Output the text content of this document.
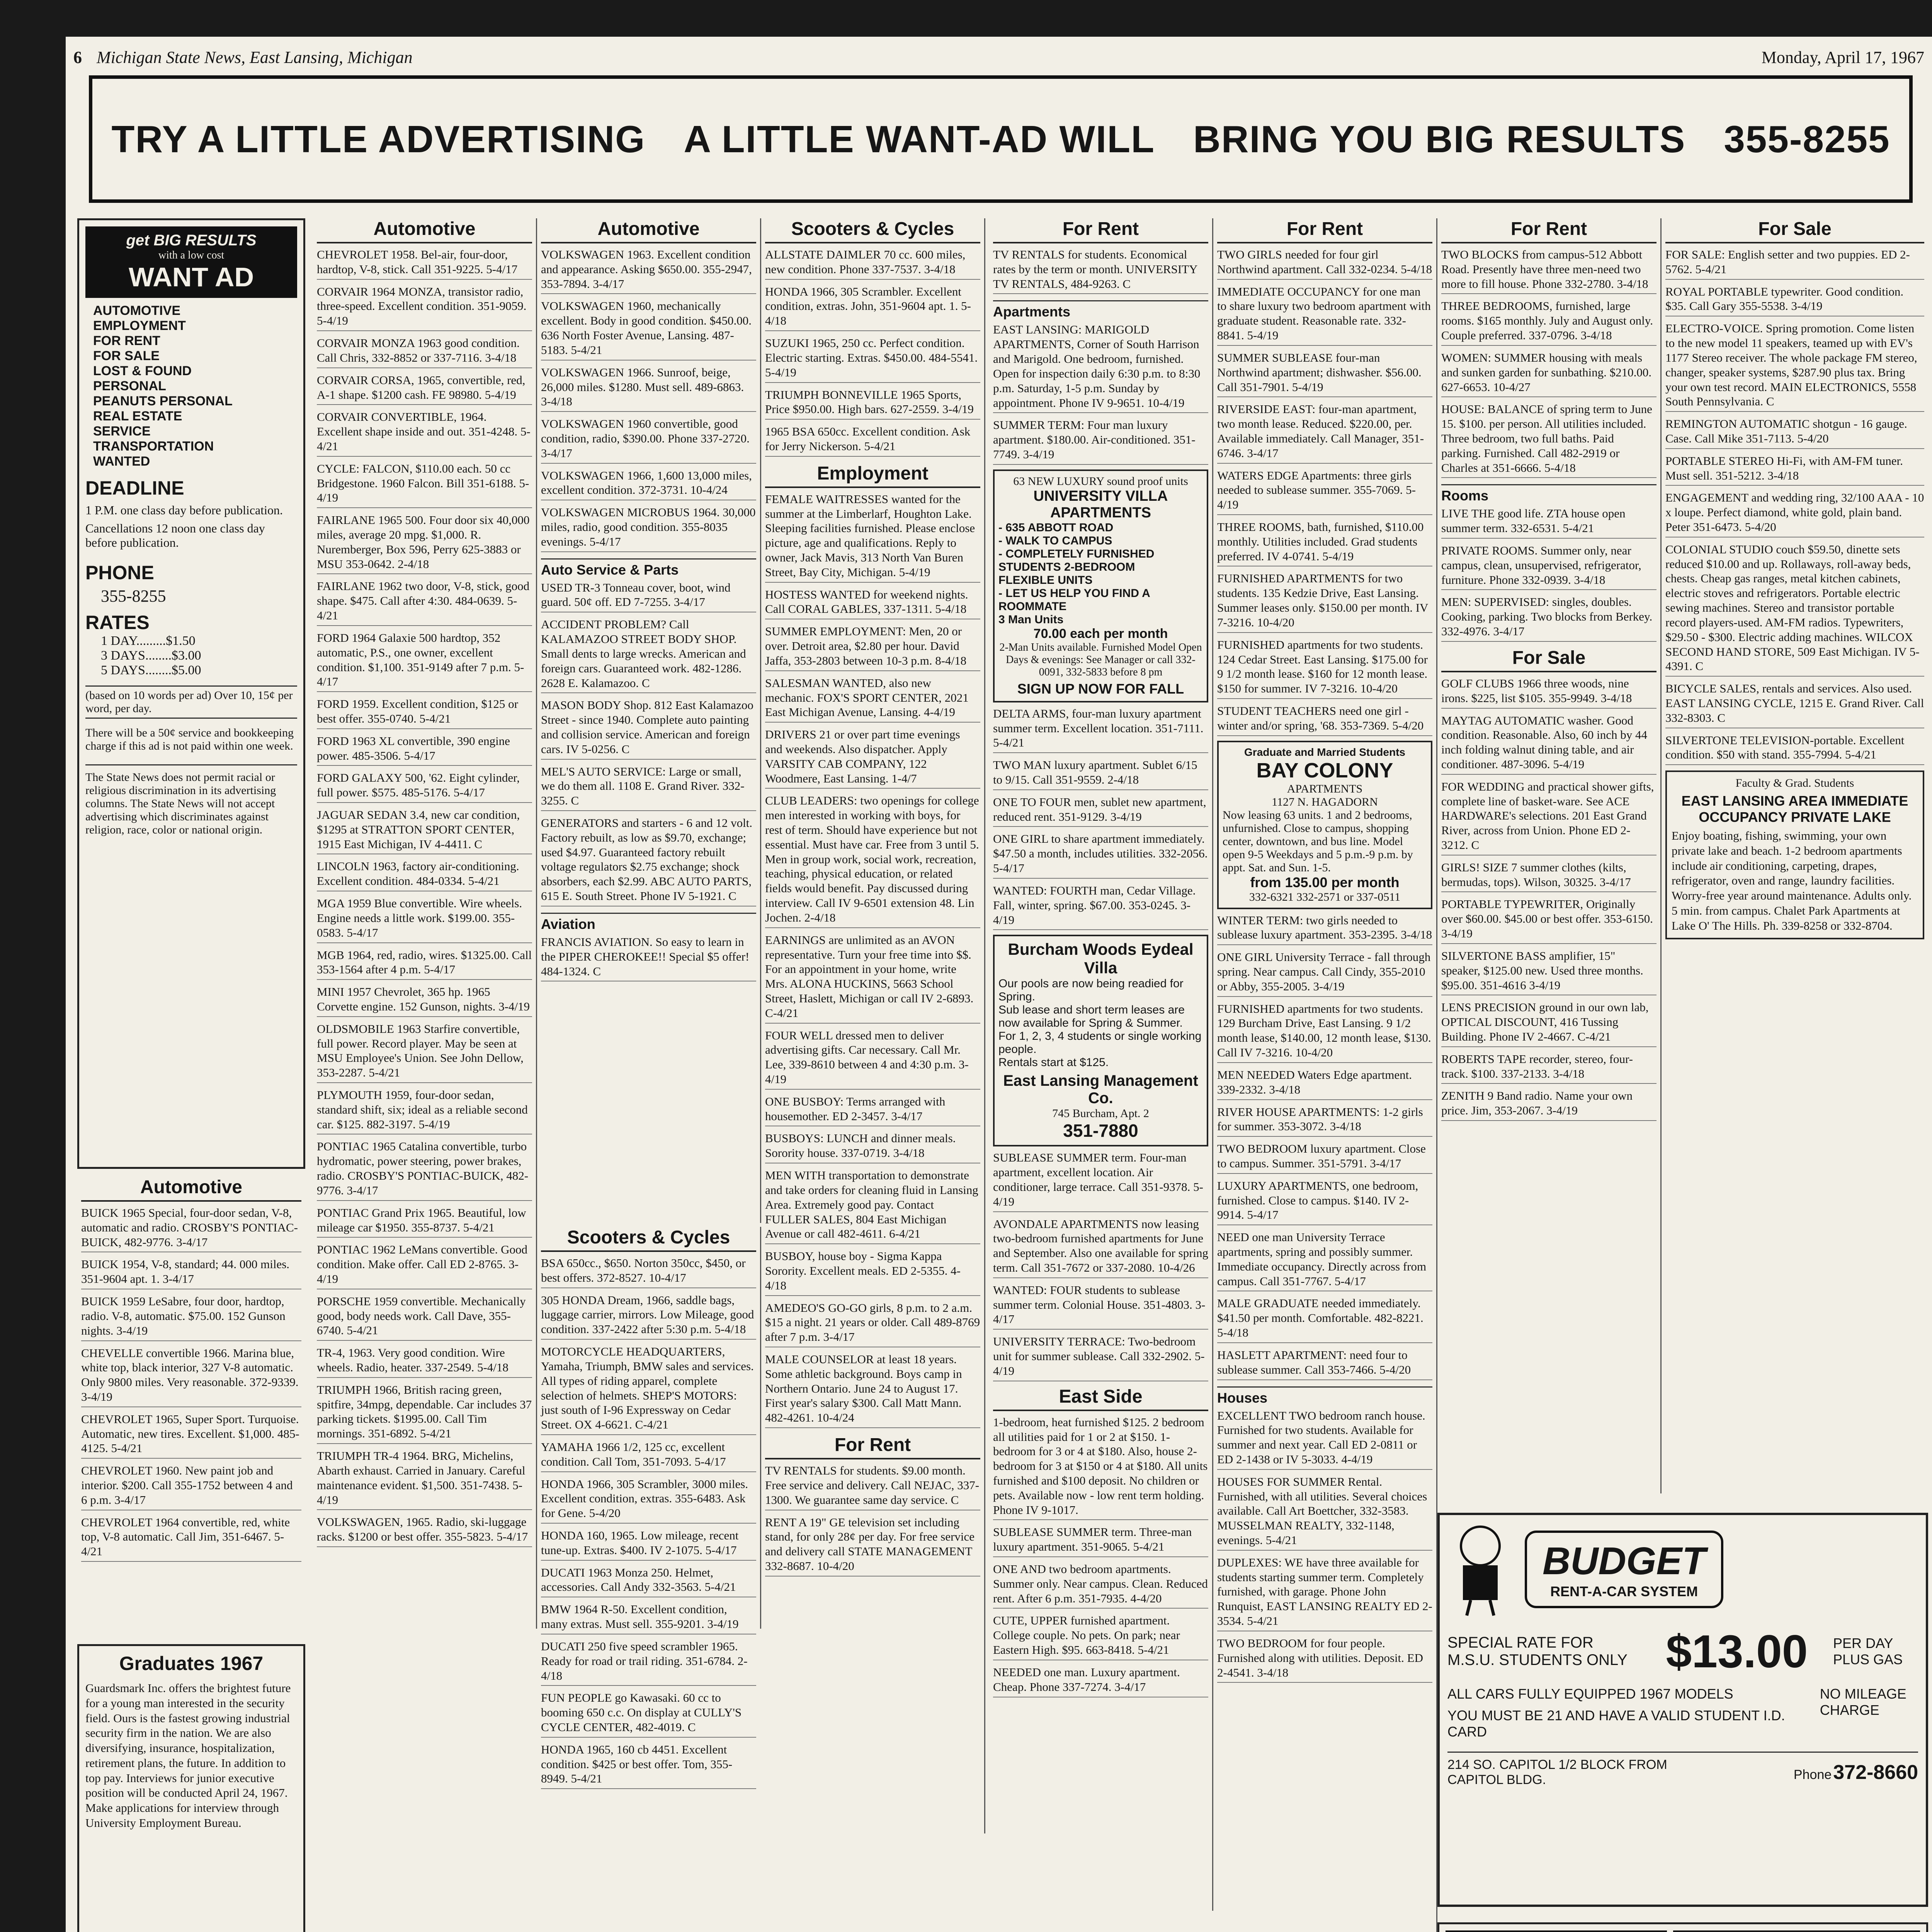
6 Michigan State News, East Lansing, Michigan	Monday, April 17, 1967
TRY A LITTLE ADVERTISING A LITTLE WANT-AD WILL BRING YOU BIG RESULTS 355-8255
get BIG RESULTS
with a low cost
WANT AD
AUTOMOTIVE
EMPLOYMENT
FOR RENT
FOR SALE
LOST & FOUND
PERSONAL
PEANUTS PERSONAL
REAL ESTATE
SERVICE
TRANSPORTATION
WANTED
DEADLINE
1 P.M. one class day before publication.
Cancellations 12 noon one class day before publication.
PHONE
355-8255
RATES
1 DAY.........$1.50
3 DAYS........$3.00
5 DAYS........$5.00
(based on 10 words per ad) Over 10, 15¢ per word, per day.
There will be a 50¢ service and bookkeeping charge if this ad is not paid within one week.
The State News does not permit racial or religious discrimination in its advertising columns. The State News will not accept advertising which discriminates against religion, race, color or national origin.
Automotive
BUICK 1965 Special, four-door sedan, V-8, automatic and radio. CROSBY'S PONTIAC-BUICK, 482-9776. 3-4/17
BUICK 1954, V-8, standard; 44. 000 miles. 351-9604 apt. 1. 3-4/17
BUICK 1959 LeSabre, four door, hardtop, radio. V-8, automatic. $75.00. 152 Gunson nights. 3-4/19
CHEVELLE convertible 1966. Marina blue, white top, black interior, 327 V-8 automatic. Only 9800 miles. Very reasonable. 372-9339. 3-4/19
CHEVROLET 1965, Super Sport. Turquoise. Automatic, new tires. Excellent. $1,000. 485-4125. 5-4/21
CHEVROLET 1960. New paint job and interior. $200. Call 355-1752 between 4 and 6 p.m. 3-4/17
CHEVROLET 1964 convertible, red, white top, V-8 automatic. Call Jim, 351-6467. 5-4/21
Graduates 1967
Guardsmark Inc. offers the brightest future for a young man interested in the security field. Ours is the fastest growing industrial security firm in the nation. We are also diversifying, insurance, hospitalization, retirement plans, the future. In addition to top pay. Interviews for junior executive position will be conducted April 24, 1967. Make applications for interview through University Employment Bureau.
Automotive
CHEVROLET 1958. Bel-air, four-door, hardtop, V-8, stick. Call 351-9225. 5-4/17
CORVAIR 1964 MONZA, transistor radio, three-speed. Excellent condition. 351-9059. 5-4/19
CORVAIR MONZA 1963 good condition. Call Chris, 332-8852 or 337-7116. 3-4/18
CORVAIR CORSA, 1965, convertible, red, A-1 shape. $1200 cash. FE 98980. 5-4/19
CORVAIR CONVERTIBLE, 1964. Excellent shape inside and out. 351-4248. 5-4/21
CYCLE: FALCON, $110.00 each. 50 cc Bridgestone. 1960 Falcon. Bill 351-6188. 5-4/19
FAIRLANE 1965 500. Four door six 40,000 miles, average 20 mpg. $1,000. R. Nuremberger, Box 596, Perry 625-3883 or MSU 353-0642. 2-4/18
FAIRLANE 1962 two door, V-8, stick, good shape. $475. Call after 4:30. 484-0639. 5-4/21
FORD 1964 Galaxie 500 hardtop, 352 automatic, P.S., one owner, excellent condition. $1,100. 351-9149 after 7 p.m. 5-4/17
FORD 1959. Excellent condition, $125 or best offer. 355-0740. 5-4/21
FORD 1963 XL convertible, 390 engine power. 485-3506. 5-4/17
FORD GALAXY 500, '62. Eight cylinder, full power. $575. 485-5176. 5-4/17
JAGUAR SEDAN 3.4, new car condition, $1295 at STRATTON SPORT CENTER, 1915 East Michigan, IV 4-4411. C
LINCOLN 1963, factory air-conditioning. Excellent condition. 484-0334. 5-4/21
MGA 1959 Blue convertible. Wire wheels. Engine needs a little work. $199.00. 355-0583. 5-4/17
MGB 1964, red, radio, wires. $1325.00. Call 353-1564 after 4 p.m. 5-4/17
MINI 1957 Chevrolet, 365 hp. 1965 Corvette engine. 152 Gunson, nights. 3-4/19
OLDSMOBILE 1963 Starfire convertible, full power. Record player. May be seen at MSU Employee's Union. See John Dellow, 353-2287. 5-4/21
PLYMOUTH 1959, four-door sedan, standard shift, six; ideal as a reliable second car. $125. 882-3197. 5-4/19
PONTIAC 1965 Catalina convertible, turbo hydromatic, power steering, power brakes, radio. CROSBY'S PONTIAC-BUICK, 482-9776. 3-4/17
PONTIAC Grand Prix 1965. Beautiful, low mileage car $1950. 355-8737. 5-4/21
PONTIAC 1962 LeMans convertible. Good condition. Make offer. Call ED 2-8765. 3-4/19
PORSCHE 1959 convertible. Mechanically good, body needs work. Call Dave, 355-6740. 5-4/21
TR-4, 1963. Very good condition. Wire wheels. Radio, heater. 337-2549. 5-4/18
TRIUMPH 1966, British racing green, spitfire, 34mpg, dependable. Car includes 37 parking tickets. $1995.00. Call Tim mornings. 351-6892. 5-4/21
TRIUMPH TR-4 1964. BRG, Michelins, Abarth exhaust. Carried in January. Careful maintenance evident. $1,500. 351-7438. 5-4/19
VOLKSWAGEN, 1965. Radio, ski-luggage racks. $1200 or best offer. 355-5823. 5-4/17
Automotive
VOLKSWAGEN 1963. Excellent condition and appearance. Asking $650.00. 355-2947, 353-7894. 3-4/17
VOLKSWAGEN 1960, mechanically excellent. Body in good condition. $450.00. 636 North Foster Avenue, Lansing. 487-5183. 5-4/21
VOLKSWAGEN 1966. Sunroof, beige, 26,000 miles. $1280. Must sell. 489-6863. 3-4/18
VOLKSWAGEN 1960 convertible, good condition, radio, $390.00. Phone 337-2720. 3-4/17
VOLKSWAGEN 1966, 1,600 13,000 miles, excellent condition. 372-3731. 10-4/24
VOLKSWAGEN MICROBUS 1964. 30,000 miles, radio, good condition. 355-8035 evenings. 5-4/17
Auto Service & Parts
USED TR-3 Tonneau cover, boot, wind guard. 50¢ off. ED 7-7255. 3-4/17
ACCIDENT PROBLEM? Call KALAMAZOO STREET BODY SHOP. Small dents to large wrecks. American and foreign cars. Guaranteed work. 482-1286. 2628 E. Kalamazoo. C
MASON BODY Shop. 812 East Kalamazoo Street - since 1940. Complete auto painting and collision service. American and foreign cars. IV 5-0256. C
MEL'S AUTO SERVICE: Large or small, we do them all. 1108 E. Grand River. 332-3255. C
GENERATORS and starters - 6 and 12 volt. Factory rebuilt, as low as $9.70, exchange; used $4.97. Guaranteed factory rebuilt voltage regulators $2.75 exchange; shock absorbers, each $2.99. ABC AUTO PARTS, 615 E. South Street. Phone IV 5-1921. C
Aviation
FRANCIS AVIATION. So easy to learn in the PIPER CHEROKEE!! Special $5 offer! 484-1324. C
Scooters & Cycles
BSA 650cc., $650. Norton 350cc, $450, or best offers. 372-8527. 10-4/17
305 HONDA Dream, 1966, saddle bags, luggage carrier, mirrors. Low Mileage, good condition. 337-2422 after 5:30 p.m. 5-4/18
MOTORCYCLE HEADQUARTERS, Yamaha, Triumph, BMW sales and services. All types of riding apparel, complete selection of helmets. SHEP'S MOTORS: just south of I-96 Expressway on Cedar Street. OX 4-6621. C-4/21
YAMAHA 1966 1/2, 125 cc, excellent condition. Call Tom, 351-7093. 5-4/17
HONDA 1966, 305 Scrambler, 3000 miles. Excellent condition, extras. 355-6483. Ask for Gene. 5-4/20
HONDA 160, 1965. Low mileage, recent tune-up. Extras. $400. IV 2-1075. 5-4/17
DUCATI 1963 Monza 250. Helmet, accessories. Call Andy 332-3563. 5-4/21
BMW 1964 R-50. Excellent condition, many extras. Must sell. 355-9201. 3-4/19
DUCATI 250 five speed scrambler 1965. Ready for road or trail riding. 351-6784. 2-4/18
FUN PEOPLE go Kawasaki. 60 cc to booming 650 c.c. On display at CULLY'S CYCLE CENTER, 482-4019. C
HONDA 1965, 160 cb 4451. Excellent condition. $425 or best offer. Tom, 355-8949. 5-4/21
Scooters & Cycles
ALLSTATE DAIMLER 70 cc. 600 miles, new condition. Phone 337-7537. 3-4/18
HONDA 1966, 305 Scrambler. Excellent condition, extras. John, 351-9604 apt. 1. 5-4/18
SUZUKI 1965, 250 cc. Perfect condition. Electric starting. Extras. $450.00. 484-5541. 5-4/19
TRIUMPH BONNEVILLE 1965 Sports, Price $950.00. High bars. 627-2559. 3-4/19
1965 BSA 650cc. Excellent condition. Ask for Jerry Nickerson. 5-4/21
Employment
FEMALE WAITRESSES wanted for the summer at the Limberlarf, Houghton Lake. Sleeping facilities furnished. Please enclose picture, age and qualifications. Reply to owner, Jack Mavis, 313 North Van Buren Street, Bay City, Michigan. 5-4/19
HOSTESS WANTED for weekend nights. Call CORAL GABLES, 337-1311. 5-4/18
SUMMER EMPLOYMENT: Men, 20 or over. Detroit area, $2.80 per hour. David Jaffa, 353-2803 between 10-3 p.m. 8-4/18
SALESMAN WANTED, also new mechanic. FOX'S SPORT CENTER, 2021 East Michigan Avenue, Lansing. 4-4/19
DRIVERS 21 or over part time evenings and weekends. Also dispatcher. Apply VARSITY CAB COMPANY, 122 Woodmere, East Lansing. 1-4/7
CLUB LEADERS: two openings for college men interested in working with boys, for rest of term. Should have experience but not essential. Must have car. Free from 3 until 5. Men in group work, social work, recreation, teaching, physical education, or related fields would benefit. Pay discussed during interview. Call IV 9-6501 extension 48. Lin Jochen. 2-4/18
EARNINGS are unlimited as an AVON representative. Turn your free time into $$. For an appointment in your home, write Mrs. ALONA HUCKINS, 5663 School Street, Haslett, Michigan or call IV 2-6893. C-4/21
FOUR WELL dressed men to deliver advertising gifts. Car necessary. Call Mr. Lee, 339-8610 between 4 and 4:30 p.m. 3-4/19
ONE BUSBOY: Terms arranged with housemother. ED 2-3457. 3-4/17
BUSBOYS: LUNCH and dinner meals. Sorority house. 337-0719. 3-4/18
MEN WITH transportation to demonstrate and take orders for cleaning fluid in Lansing Area. Extremely good pay. Contact FULLER SALES, 804 East Michigan Avenue or call 482-4611. 6-4/21
BUSBOY, house boy - Sigma Kappa Sorority. Excellent meals. ED 2-5355. 4-4/18
AMEDEO'S GO-GO girls, 8 p.m. to 2 a.m. $15 a night. 21 years or older. Call 489-8769 after 7 p.m. 3-4/17
MALE COUNSELOR at least 18 years. Some athletic background. Boys camp in Northern Ontario. June 24 to August 17. First year's salary $300. Call Matt Mann. 482-4261. 10-4/24
For Rent
TV RENTALS for students. $9.00 month. Free service and delivery. Call NEJAC, 337-1300. We guarantee same day service. C
RENT A 19" GE television set including stand, for only 28¢ per day. For free service and delivery call STATE MANAGEMENT 332-8687. 10-4/20
For Rent
TV RENTALS for students. Economical rates by the term or month. UNIVERSITY TV RENTALS, 484-9263. C
Apartments
EAST LANSING: MARIGOLD APARTMENTS, Corner of South Harrison and Marigold. One bedroom, furnished. Open for inspection daily 6:30 p.m. to 8:30 p.m. Saturday, 1-5 p.m. Sunday by appointment. Phone IV 9-9651. 10-4/19
SUMMER TERM: Four man luxury apartment. $180.00. Air-conditioned. 351-7749. 3-4/19
63 NEW LUXURY sound proof units
UNIVERSITY VILLA APARTMENTS
- 635 ABBOTT ROAD
- WALK TO CAMPUS
- COMPLETELY FURNISHED STUDENTS 2-BEDROOM
FLEXIBLE UNITS
- LET US HELP YOU FIND A ROOMMATE
3 Man Units
70.00 each per month
2-Man Units available. Furnished Model Open Days & evenings: See Manager or call 332-0091, 332-5833 before 8 pm
SIGN UP NOW FOR FALL
DELTA ARMS, four-man luxury apartment summer term. Excellent location. 351-7111. 5-4/21
TWO MAN luxury apartment. Sublet 6/15 to 9/15. Call 351-9559. 2-4/18
ONE TO FOUR men, sublet new apartment, reduced rent. 351-9129. 3-4/19
ONE GIRL to share apartment immediately. $47.50 a month, includes utilities. 332-2056. 5-4/17
WANTED: FOURTH man, Cedar Village. Fall, winter, spring. $67.00. 353-0245. 3-4/19
Burcham Woods Eydeal Villa
Our pools are now being readied for Spring.
Sub lease and short term leases are now available for Spring & Summer.
For 1, 2, 3, 4 students or single working people.
Rentals start at $125.
East Lansing Management Co.
745 Burcham, Apt. 2
351-7880
SUBLEASE SUMMER term. Four-man apartment, excellent location. Air conditioner, large terrace. Call 351-9378. 5-4/19
AVONDALE APARTMENTS now leasing two-bedroom furnished apartments for June and September. Also one available for spring term. Call 351-7672 or 337-2080. 10-4/26
WANTED: FOUR students to sublease summer term. Colonial House. 351-4803. 3-4/17
UNIVERSITY TERRACE: Two-bedroom unit for summer sublease. Call 332-2902. 5-4/19
East Side
1-bedroom, heat furnished $125. 2 bedroom all utilities paid for 1 or 2 at $150. 1-bedroom for 3 or 4 at $180. Also, house 2-bedroom for 3 at $150 or 4 at $180. All units furnished and $100 deposit. No children or pets. Available now - low rent term holding. Phone IV 9-1017.
SUBLEASE SUMMER term. Three-man luxury apartment. 351-9065. 5-4/21
ONE AND two bedroom apartments. Summer only. Near campus. Clean. Reduced rent. After 6 p.m. 351-7935. 4-4/20
CUTE, UPPER furnished apartment. College couple. No pets. On park; near Eastern High. $95. 663-8418. 5-4/21
NEEDED one man. Luxury apartment. Cheap. Phone 337-7274. 3-4/17
For Rent
TWO GIRLS needed for four girl Northwind apartment. Call 332-0234. 5-4/18
IMMEDIATE OCCUPANCY for one man to share luxury two bedroom apartment with graduate student. Reasonable rate. 332-8841. 5-4/19
SUMMER SUBLEASE four-man Northwind apartment; dishwasher. $56.00. Call 351-7901. 5-4/19
RIVERSIDE EAST: four-man apartment, two month lease. Reduced. $220.00, per. Available immediately. Call Manager, 351-6746. 3-4/17
WATERS EDGE Apartments: three girls needed to sublease summer. 355-7069. 5-4/19
THREE ROOMS, bath, furnished, $110.00 monthly. Utilities included. Grad students preferred. IV 4-0741. 5-4/19
FURNISHED APARTMENTS for two students. 135 Kedzie Drive, East Lansing. Summer leases only. $150.00 per month. IV 7-3216. 10-4/20
FURNISHED apartments for two students. 124 Cedar Street. East Lansing. $175.00 for 9 1/2 month lease. $160 for 12 month lease. $150 for summer. IV 7-3216. 10-4/20
STUDENT TEACHERS need one girl - winter and/or spring, '68. 353-7369. 5-4/20
Graduate and Married Students
BAY COLONY
APARTMENTS
1127 N. HAGADORN
Now leasing 63 units. 1 and 2 bedrooms, unfurnished. Close to campus, shopping center, downtown, and bus line. Model open 9-5 Weekdays and 5 p.m.-9 p.m. by appt. Sat. and Sun. 1-5.
from 135.00 per month
332-6321 332-2571 or 337-0511
WINTER TERM: two girls needed to sublease luxury apartment. 353-2395. 3-4/18
ONE GIRL University Terrace - fall through spring. Near campus. Call Cindy, 355-2010 or Abby, 355-2005. 3-4/19
FURNISHED apartments for two students. 129 Burcham Drive, East Lansing. 9 1/2 month lease, $140.00, 12 month lease, $130. Call IV 7-3216. 10-4/20
MEN NEEDED Waters Edge apartment. 339-2332. 3-4/18
RIVER HOUSE APARTMENTS: 1-2 girls for summer. 353-3072. 3-4/18
TWO BEDROOM luxury apartment. Close to campus. Summer. 351-5791. 3-4/17
LUXURY APARTMENTS, one bedroom, furnished. Close to campus. $140. IV 2-9914. 5-4/17
NEED one man University Terrace apartments, spring and possibly summer. Immediate occupancy. Directly across from campus. Call 351-7767. 5-4/17
MALE GRADUATE needed immediately. $41.50 per month. Comfortable. 482-8221. 5-4/18
HASLETT APARTMENT: need four to sublease summer. Call 353-7466. 5-4/20
Houses
EXCELLENT TWO bedroom ranch house. Furnished for two students. Available for summer and next year. Call ED 2-0811 or ED 2-1438 or IV 5-3033. 4-4/19
HOUSES FOR SUMMER Rental. Furnished, with all utilities. Several choices available. Call Art Boettcher, 332-3583. MUSSELMAN REALTY, 332-1148, evenings. 5-4/21
DUPLEXES: WE have three available for students starting summer term. Completely furnished, with garage. Phone John Runquist, EAST LANSING REALTY ED 2-3534. 5-4/21
TWO BEDROOM for four people. Furnished along with utilities. Deposit. ED 2-4541. 3-4/18
For Rent
TWO BLOCKS from campus-512 Abbott Road. Presently have three men-need two more to fill house. Phone 332-2780. 3-4/18
THREE BEDROOMS, furnished, large rooms. $165 monthly. July and August only. Couple preferred. 337-0796. 3-4/18
WOMEN: SUMMER housing with meals and sunken garden for sunbathing. $210.00. 627-6653. 10-4/27
HOUSE: BALANCE of spring term to June 15. $100. per person. All utilities included. Three bedroom, two full baths. Paid parking. Furnished. Call 482-2919 or Charles at 351-6666. 5-4/18
Rooms
LIVE THE good life. ZTA house open summer term. 332-6531. 5-4/21
PRIVATE ROOMS. Summer only, near campus, clean, unsupervised, refrigerator, furniture. Phone 332-0939. 3-4/18
MEN: SUPERVISED: singles, doubles. Cooking, parking. Two blocks from Berkey. 332-4976. 3-4/17
For Sale
GOLF CLUBS 1966 three woods, nine irons. $225, list $105. 355-9949. 3-4/18
MAYTAG AUTOMATIC washer. Good condition. Reasonable. Also, 60 inch by 44 inch folding walnut dining table, and air conditioner. 487-3096. 5-4/19
FOR WEDDING and practical shower gifts, complete line of basket-ware. See ACE HARDWARE's selections. 201 East Grand River, across from Union. Phone ED 2-3212. C
GIRLS! SIZE 7 summer clothes (kilts, bermudas, tops). Wilson, 30325. 3-4/17
PORTABLE TYPEWRITER, Originally over $60.00. $45.00 or best offer. 353-6150. 3-4/19
SILVERTONE BASS amplifier, 15" speaker, $125.00 new. Used three months. $95.00. 351-4616 3-4/19
LENS PRECISION ground in our own lab, OPTICAL DISCOUNT, 416 Tussing Building. Phone IV 2-4667. C-4/21
ROBERTS TAPE recorder, stereo, four-track. $100. 337-2133. 3-4/18
ZENITH 9 Band radio. Name your own price. Jim, 353-2067. 3-4/19
For Sale
FOR SALE: English setter and two puppies. ED 2-5762. 5-4/21
ROYAL PORTABLE typewriter. Good condition. $35. Call Gary 355-5538. 3-4/19
ELECTRO-VOICE. Spring promotion. Come listen to the new model 11 speakers, teamed up with EV's 1177 Stereo receiver. The whole package FM stereo, changer, speaker systems, $287.90 plus tax. Bring your own test record. MAIN ELECTRONICS, 5558 South Pennsylvania. C
REMINGTON AUTOMATIC shotgun - 16 gauge. Case. Call Mike 351-7113. 5-4/20
PORTABLE STEREO Hi-Fi, with AM-FM tuner. Must sell. 351-5212. 3-4/18
ENGAGEMENT and wedding ring, 32/100 AAA - 10 x loupe. Perfect diamond, white gold, plain band. Peter 351-6473. 5-4/20
COLONIAL STUDIO couch $59.50, dinette sets reduced $10.00 and up. Rollaways, roll-away beds, chests. Cheap gas ranges, metal kitchen cabinets, electric stoves and refrigerators. Portable electric sewing machines. Stereo and transistor portable record players-used. AM-FM radios. Typewriters, $29.50 - $300. Electric adding machines. WILCOX SECOND HAND STORE, 509 East Michigan. IV 5-4391. C
BICYCLE SALES, rentals and services. Also used. EAST LANSING CYCLE, 1215 E. Grand River. Call 332-8303. C
SILVERTONE TELEVISION-portable. Excellent condition. $50 with stand. 355-7994. 5-4/21
Faculty & Grad. Students
EAST LANSING AREA IMMEDIATE OCCUPANCY PRIVATE LAKE
Enjoy boating, fishing, swimming, your own private lake and beach. 1-2 bedroom apartments include air conditioning, carpeting, drapes, refrigerator, oven and range, laundry facilities. Worry-free year around maintenance. Adults only. 5 min. from campus. Chalet Park Apartments at Lake O' The Hills. Ph. 339-8258 or 332-8704.
BUDGET
RENT-A-CAR SYSTEM
SPECIAL RATE FOR M.S.U. STUDENTS ONLY $13.00 PER DAY PLUS GAS
ALL CARS FULLY EQUIPPED 1967 MODELS
YOU MUST BE 21 AND HAVE A VALID STUDENT I.D. CARD
NO MILEAGE CHARGE
214 SO. CAPITOL 1/2 BLOCK FROM CAPITOL BLDG.	Phone 372-8660
